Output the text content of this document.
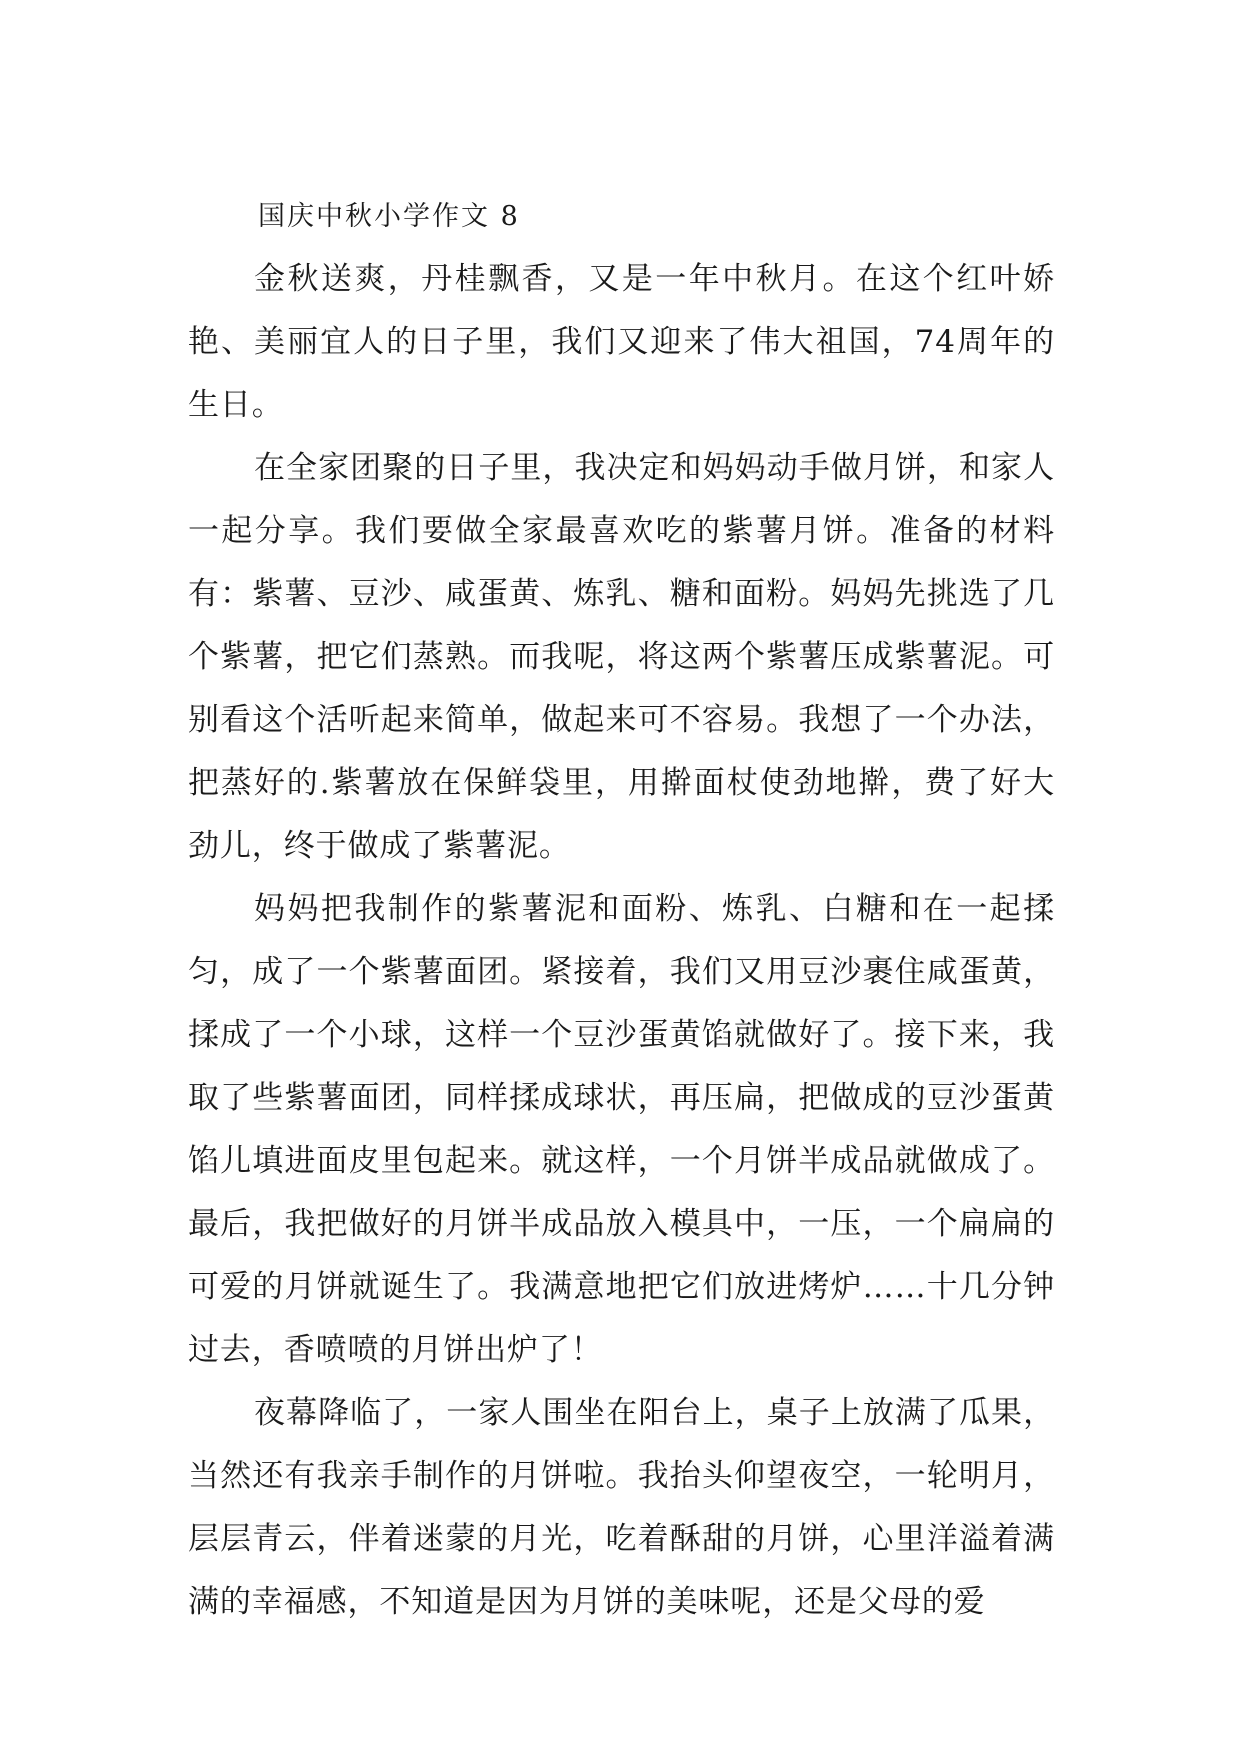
国庆中秋小学作文 8

金秋送爽，丹桂飘香，又是一年中秋月。在这个红叶娇艳、美丽宜人的日子里，我们又迎来了伟大祖国，74周年的生日。

在全家团聚的日子里，我决定和妈妈动手做月饼，和家人一起分享。我们要做全家最喜欢吃的紫薯月饼。准备的材料有：紫薯、豆沙、咸蛋黄、炼乳、糖和面粉。妈妈先挑选了几个紫薯，把它们蒸熟。而我呢，将这两个紫薯压成紫薯泥。可别看这个活听起来简单，做起来可不容易。我想了一个办法，把蒸好的.紫薯放在保鲜袋里，用擀面杖使劲地擀，费了好大劲儿，终于做成了紫薯泥。

妈妈把我制作的紫薯泥和面粉、炼乳、白糖和在一起揉匀，成了一个紫薯面团。紧接着，我们又用豆沙裹住咸蛋黄，揉成了一个小球，这样一个豆沙蛋黄馅就做好了。接下来，我取了些紫薯面团，同样揉成球状，再压扁，把做成的豆沙蛋黄馅儿填进面皮里包起来。就这样，一个月饼半成品就做成了。最后，我把做好的月饼半成品放入模具中，一压，一个扁扁的可爱的月饼就诞生了。我满意地把它们放进烤炉……十几分钟过去，香喷喷的月饼出炉了！

夜幕降临了，一家人围坐在阳台上，桌子上放满了瓜果，当然还有我亲手制作的月饼啦。我抬头仰望夜空，一轮明月，层层青云，伴着迷蒙的月光，吃着酥甜的月饼，心里洋溢着满满的幸福感，不知道是因为月饼的美味呢，还是父母的爱
